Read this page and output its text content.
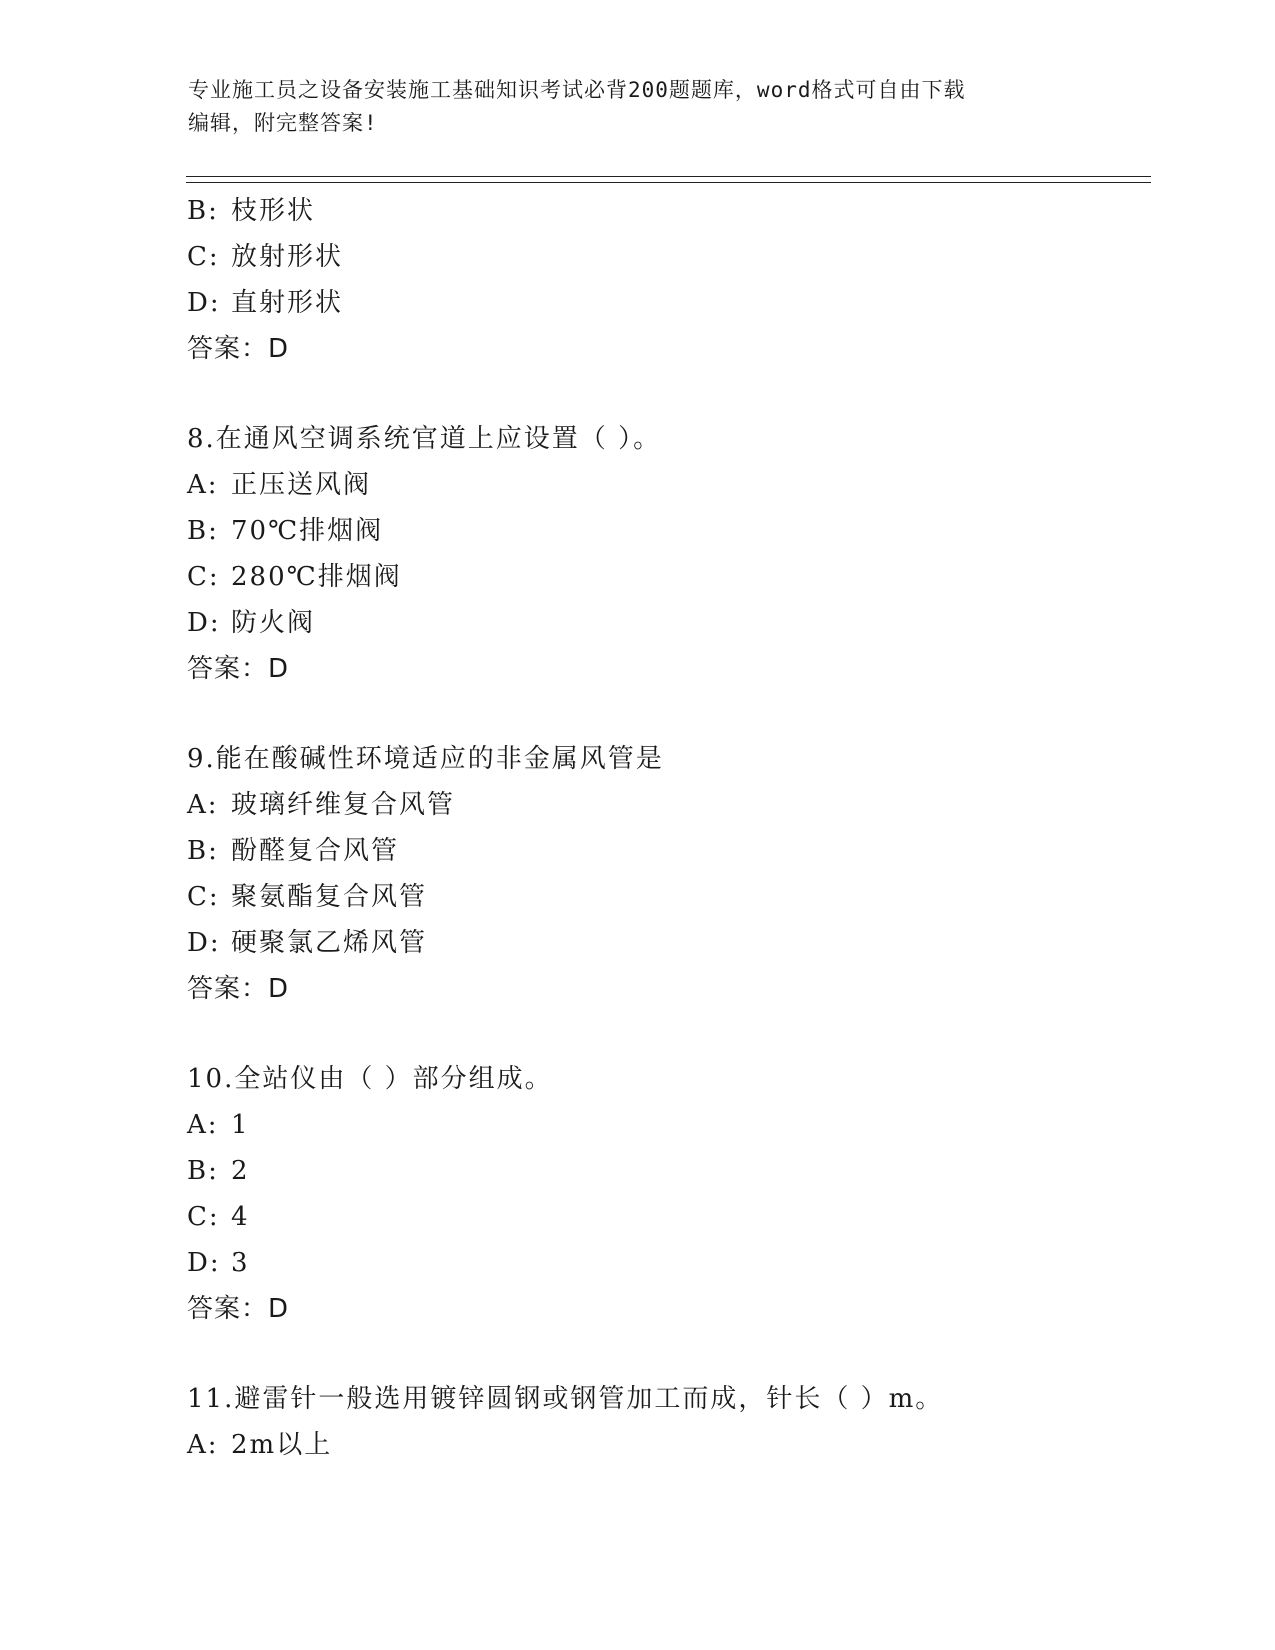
专业施工员之设备安装施工基础知识考试必背200题题库，word格式可自由下载
编辑，附完整答案!
B: 枝形状
C: 放射形状
D: 直射形状
答案：D
8.在通风空调系统官道上应设置（ ）。
A: 正压送风阀
B: 70℃排烟阀
C: 280℃排烟阀
D: 防火阀
答案：D
9.能在酸碱性环境适应的非金属风管是
A: 玻璃纤维复合风管
B: 酚醛复合风管
C: 聚氨酯复合风管
D: 硬聚氯乙烯风管
答案：D
10.全站仪由（ ）部分组成。
A: 1
B: 2
C: 4
D: 3
答案：D
11.避雷针一般选用镀锌圆钢或钢管加工而成，针长（ ）m。
A: 2m以上
